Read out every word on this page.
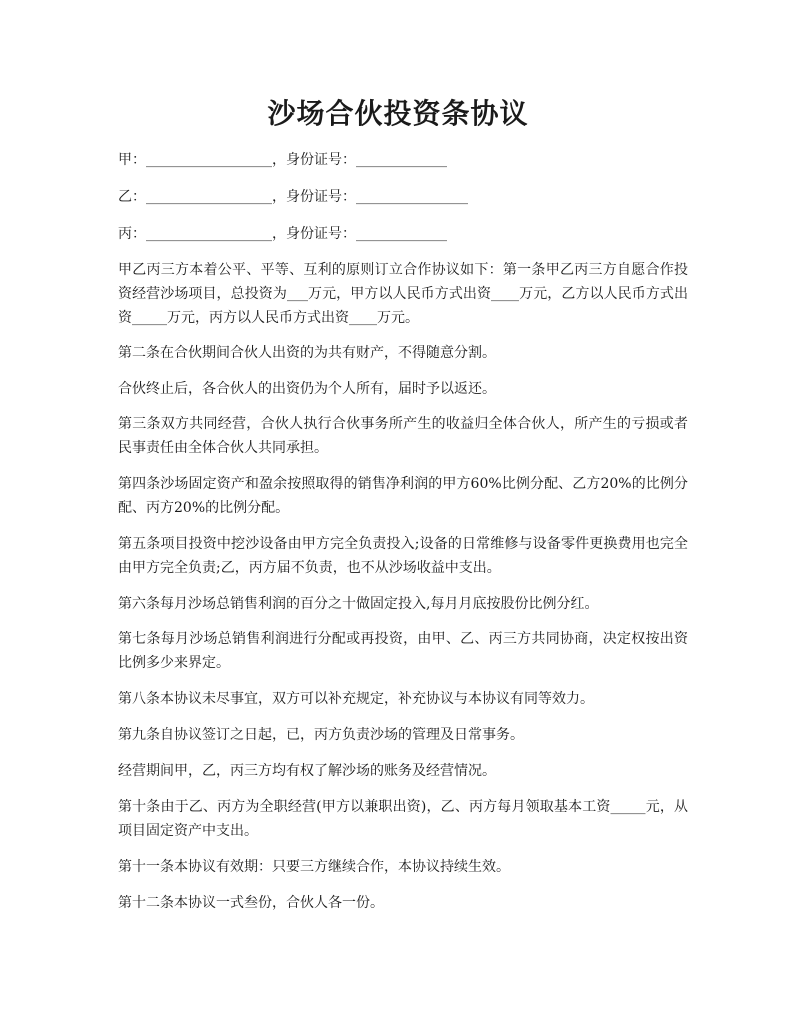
沙场合伙投资条协议
甲：__________________，身份证号：_____________
乙：__________________，身份证号：________________
丙：__________________，身份证号：_____________

甲乙丙三方本着公平、平等、互利的原则订立合作协议如下：第一条甲乙丙三方自愿合作投资经营沙场项目，总投资为___万元，甲方以人民币方式出资____万元，乙方以人民币方式出资_____万元，丙方以人民币方式出资____万元。

第二条在合伙期间合伙人出资的为共有财产，不得随意分割。

合伙终止后，各合伙人的出资仍为个人所有，届时予以返还。

第三条双方共同经营，合伙人执行合伙事务所产生的收益归全体合伙人，所产生的亏损或者民事责任由全体合伙人共同承担。

第四条沙场固定资产和盈余按照取得的销售净利润的甲方60%比例分配、乙方20%的比例分配、丙方20%的比例分配。

第五条项目投资中挖沙设备由甲方完全负责投入;设备的日常维修与设备零件更换费用也完全由甲方完全负责;乙，丙方届不负责，也不从沙场收益中支出。

第六条每月沙场总销售利润的百分之十做固定投入,每月月底按股份比例分红。

第七条每月沙场总销售利润进行分配或再投资，由甲、乙、丙三方共同协商，决定权按出资比例多少来界定。

第八条本协议未尽事宜，双方可以补充规定，补充协议与本协议有同等效力。

第九条自协议签订之日起，已，丙方负责沙场的管理及日常事务。

经营期间甲，乙，丙三方均有权了解沙场的账务及经营情况。

第十条由于乙、丙方为全职经营(甲方以兼职出资)，乙、丙方每月领取基本工资_____元，从项目固定资产中支出。

第十一条本协议有效期：只要三方继续合作，本协议持续生效。

第十二条本协议一式叁份，合伙人各一份。
